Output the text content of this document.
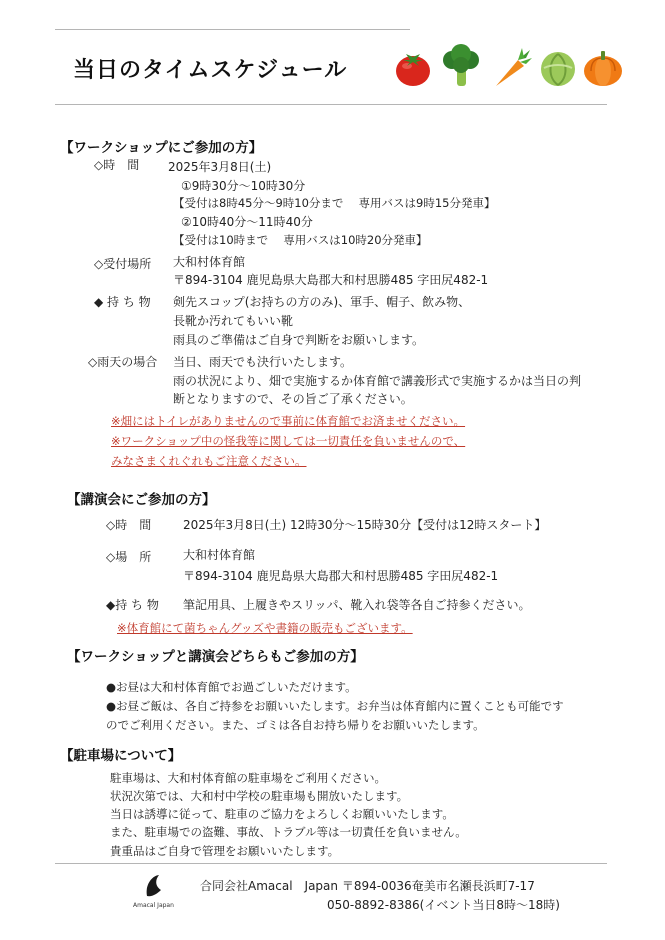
当日のタイムスケジュール
【ワークショップにご参加の方】
◇時　間 2025年3月8日(土)
①9時30分～10時30分
【受付は8時45分～9時10分まで　 専用バスは9時15分発車】
②10時40分～11時40分
【受付は10時まで　 専用バスは10時20分発車】
◇受付場所 大和村体育館
〒894-3104 鹿児島県大島郡大和村思勝485 字田尻482-1
◆ 持 ち 物 剣先スコップ(お持ちの方のみ)、軍手、帽子、飲み物、
長靴か汚れてもいい靴
雨具のご準備はご自身で判断をお願いします。
◇雨天の場合 当日、雨天でも決行いたします。
雨の状況により、畑で実施するか体育館で講義形式で実施するかは当日の判
断となりますので、その旨ご了承ください。
※畑にはトイレがありませんので事前に体育館でお済ませください。
※ワークショップ中の怪我等に関しては一切責任を負いませんので、
みなさまくれぐれもご注意ください。
【講演会にご参加の方】
◇時　間	2025年3月8日(土) 12時30分～15時30分【受付は12時スタート】
◇場　所	大和村体育館
〒894-3104 鹿児島県大島郡大和村思勝485 字田尻482-1
◆持 ち 物 筆記用具、上履きやスリッパ、靴入れ袋等各自ご持参ください。
※体育館にて菌ちゃんグッズや書籍の販売もございます。
【ワークショップと講演会どちらもご参加の方】
●お昼は大和村体育館でお過ごしいただけます。
●お昼ご飯は、各自ご持参をお願いいたします。お弁当は体育館内に置くことも可能です
のでご利用ください。また、ゴミは各自お持ち帰りをお願いいたします。
【駐車場について】
駐車場は、大和村体育館の駐車場をご利用ください。
状況次第では、大和村中学校の駐車場も開放いたします。
当日は誘導に従って、駐車のご協力をよろしくお願いいたします。
また、駐車場での盗難、事故、トラブル等は一切責任を負いません。
貴重品はご自身で管理をお願いいたします。
Amacal Japan
合同会社Amacal　Japan 〒894-0036奄美市名瀬長浜町7-17
050-8892-8386(イベント当日8時～18時)
